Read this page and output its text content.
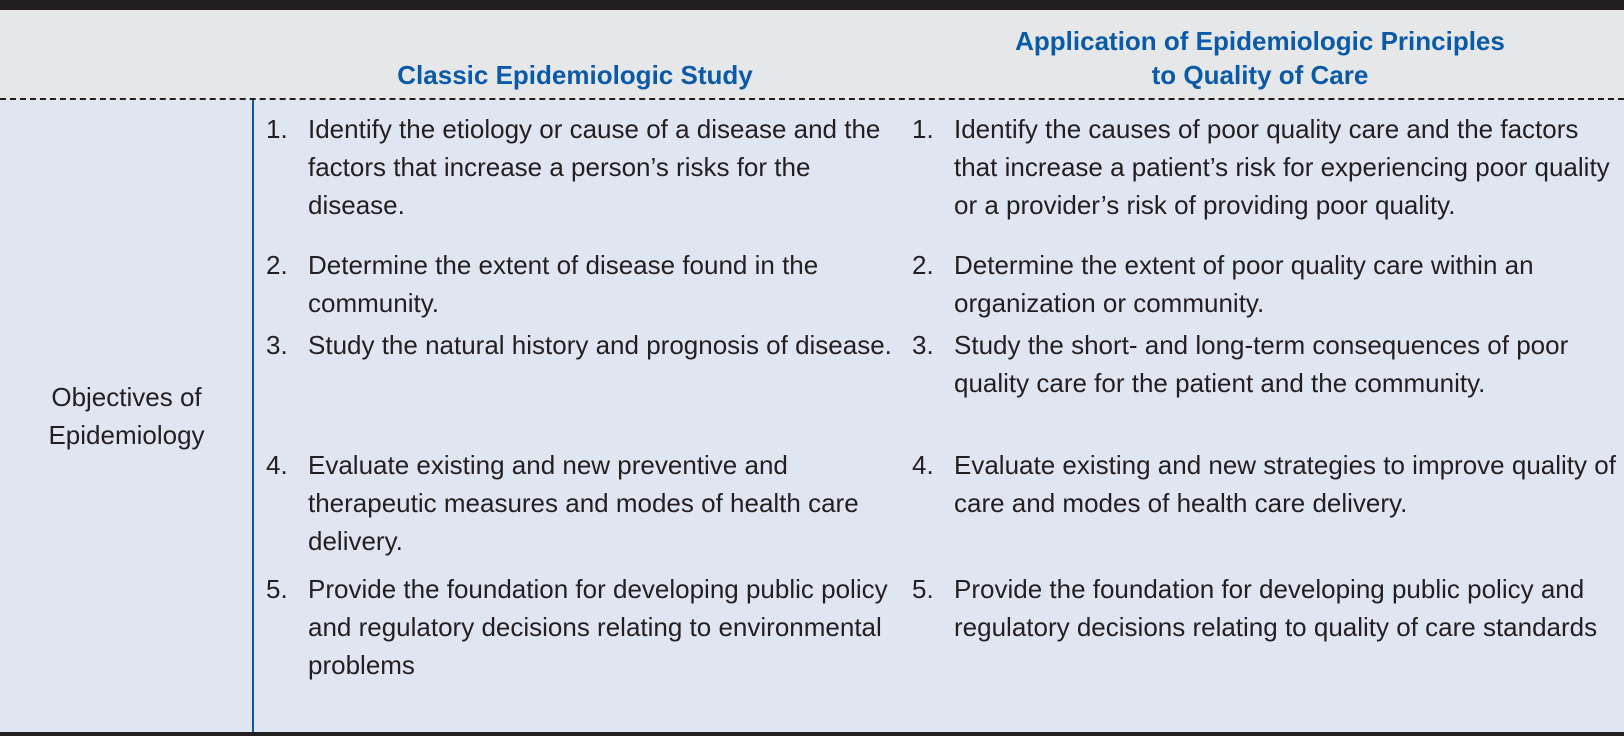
Classic Epidemiologic Study
Application of Epidemiologic Principles
to Quality of Care
Objectives of
Epidemiology
1. Identify the etiology or cause of a disease and the factors that increase a person’s risks for the disease.
2. Determine the extent of disease found in the community.
3. Study the natural history and prognosis of disease.
4. Evaluate existing and new preventive and therapeutic measures and modes of health care delivery.
5. Provide the foundation for developing public policy and regulatory decisions relating to environmental problems
1. Identify the causes of poor quality care and the factors that increase a patient’s risk for experiencing poor quality or a provider’s risk of providing poor quality.
2. Determine the extent of poor quality care within an organization or community.
3. Study the short- and long-term consequences of poor quality care for the patient and the community.
4. Evaluate existing and new strategies to improve quality of care and modes of health care delivery.
5. Provide the foundation for developing public policy and regulatory decisions relating to quality of care standards
